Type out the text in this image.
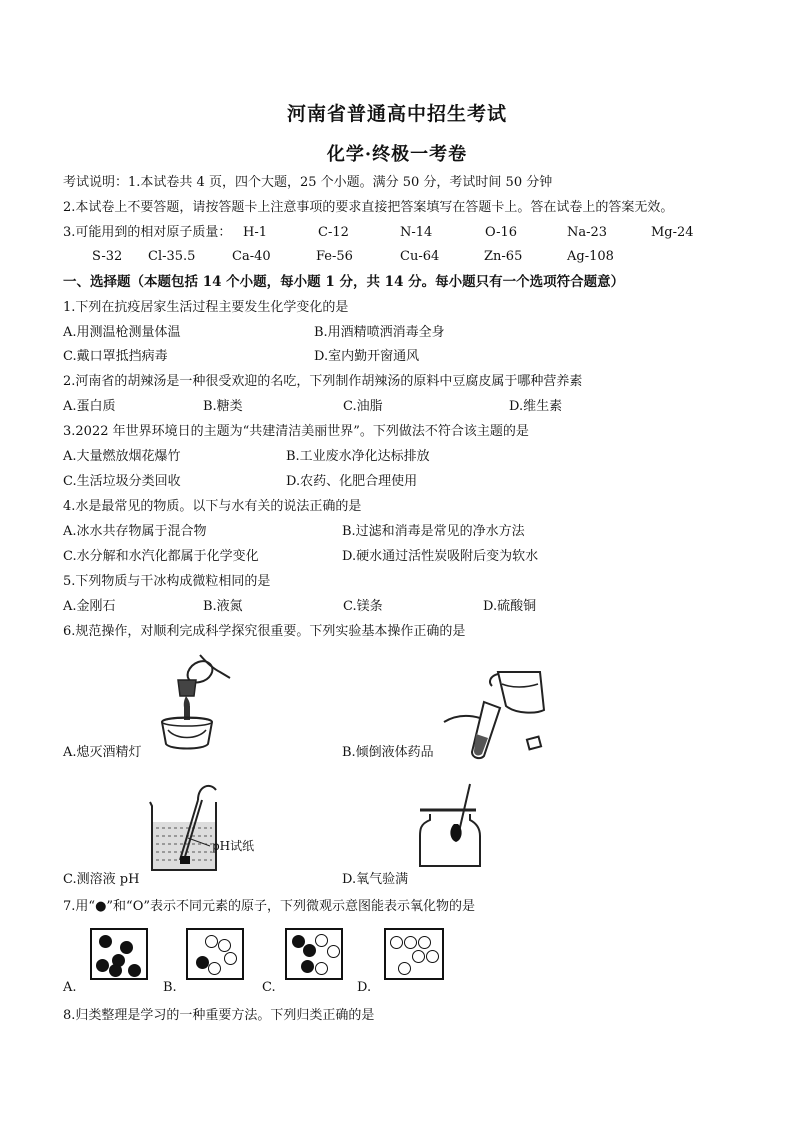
河南省普通高中招生考试
化学·终极一考卷
考试说明：1.本试卷共 4 页，四个大题，25 个小题。满分 50 分，考试时间 50 分钟
2.本试卷上不要答题，请按答题卡上注意事项的要求直接把答案填写在答题卡上。答在试卷上的答案无效。
3.可能用到的相对原子质量： H-1	C-12	N-14	O-16	Na-23	Mg-24
S-32 Cl-35.5	Ca-40	Fe-56	Cu-64	Zn-65	Ag-108
一、选择题（本题包括 14 个小题，每小题 1 分，共 14 分。每小题只有一个选项符合题意）
1.下列在抗疫居家生活过程主要发生化学变化的是
A.用测温枪测量体温	B.用酒精喷洒消毒全身
C.戴口罩抵挡病毒	D.室内勤开窗通风
2.河南省的胡辣汤是一种很受欢迎的名吃，下列制作胡辣汤的原料中豆腐皮属于哪种营养素
A.蛋白质	B.糖类	C.油脂	D.维生素
3.2022 年世界环境日的主题为“共建清洁美丽世界”。下列做法不符合该主题的是
A.大量燃放烟花爆竹	B.工业废水净化达标排放
C.生活垃圾分类回收	D.农药、化肥合理使用
4.水是最常见的物质。以下与水有关的说法正确的是
A.冰水共存物属于混合物	B.过滤和消毒是常见的净水方法
C.水分解和水汽化都属于化学变化	D.硬水通过活性炭吸附后变为软水
5.下列物质与干冰构成微粒相同的是
A.金刚石	B.液氮	C.镁条	D.硫酸铜
6.规范操作，对顺利完成科学探究很重要。下列实验基本操作正确的是
A.熄灭酒精灯	B.倾倒液体药品
pH试纸
C.测溶液 pH	D.氧气验满
7.用“●”和“O”表示不同元素的原子，下列微观示意图能表示氧化物的是
A.	B.	C.	D.
8.归类整理是学习的一种重要方法。下列归类正确的是
